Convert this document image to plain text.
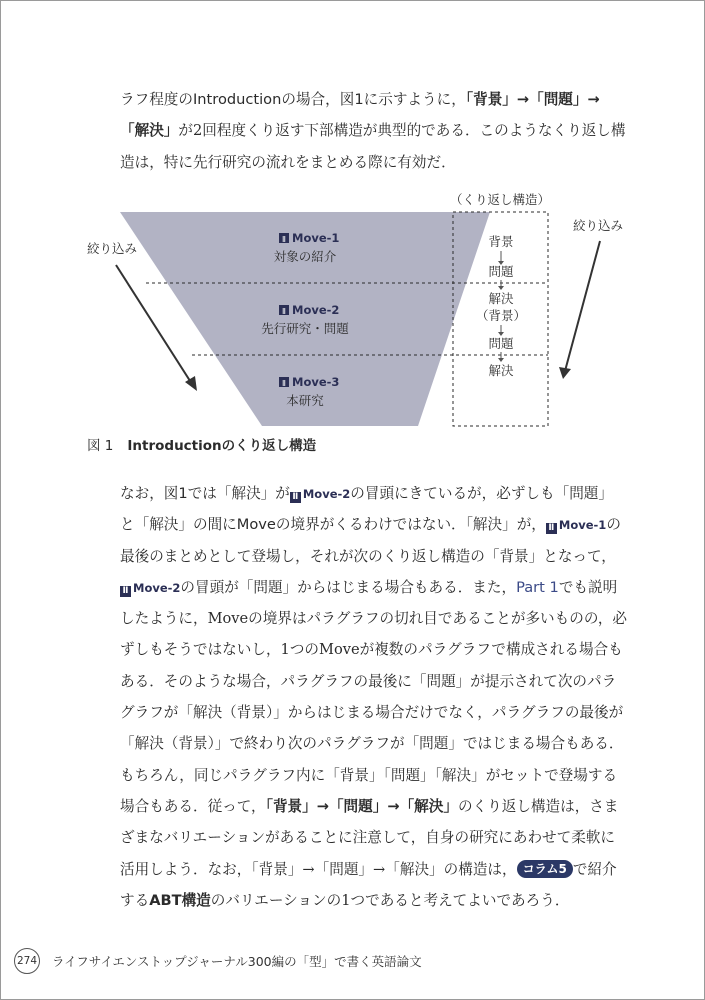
ラフ程度のIntroductionの場合，図1に示すように，「背景」→「問題」→
「解決」が2回程度くり返す下部構造が典型的である．このようなくり返し構
造は，特に先行研究の流れをまとめる際に有効だ．
（くり返し構造）
Ⅱ Move-1
対象の紹介
Ⅱ Move-2
先行研究・問題
Ⅱ Move-3
本研究
背景
問題
解決
（背景）
問題
解決
絞り込み
絞り込み
図 1 Introductionのくり返し構造
なお，図1では「解決」が Ⅱ Move-2の冒頭にきているが，必ずしも「問題」
と「解決」の間にMoveの境界がくるわけではない．「解決」が， Ⅱ Move-1の
最後のまとめとして登場し，それが次のくり返し構造の「背景」となって，
Ⅱ Move-2の冒頭が「問題」からはじまる場合もある．また，Part 1でも説明
したように，Moveの境界はパラグラフの切れ目であることが多いものの，必
ずしもそうではないし，1つのMoveが複数のパラグラフで構成される場合も
ある．そのような場合，パラグラフの最後に「問題」が提示されて次のパラ
グラフが「解決（背景）」からはじまる場合だけでなく，パラグラフの最後が
「解決（背景）」で終わり次のパラグラフが「問題」ではじまる場合もある．
もちろん，同じパラグラフ内に「背景」「問題」「解決」がセットで登場する
場合もある．従って，「背景」→「問題」→「解決」のくり返し構造は，さま
ざまなバリエーションがあることに注意して，自身の研究にあわせて柔軟に
活用しよう．なお，「背景」→「問題」→「解決」の構造は， コラム5 で紹介
するABT構造のバリエーションの1つであると考えてよいであろう．
274 ライフサイエンストップジャーナル300編の「型」で書く英語論文
